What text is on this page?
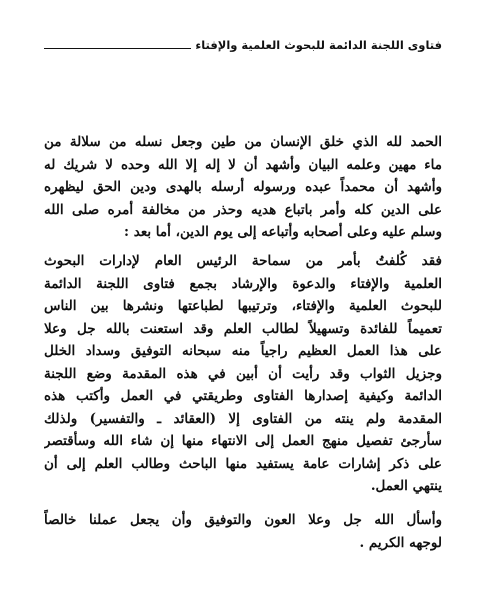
فتاوى اللجنة الدائمة للبحوث العلمية والإفتاء
الحمد لله الذي خلق الإنسان من طين وجعل نسله من سلالة من
ماء مهين وعلمه البيان وأشهد أن لا إله إلا الله وحده لا شريك له
وأشهد أن محمداً عبده ورسوله أرسله بالهدى ودين الحق ليظهره
على الدين كله وأمر باتباع هديه وحذر من مخالفة أمره صلى الله
وسلم عليه وعلى أصحابه وأتباعه إلى يوم الدين، أما بعد :
فقد كُلفتُ بأمر من سماحة الرئيس العام لإدارات البحوث
العلمية والإفتاء والدعوة والإرشاد بجمع فتاوى اللجنة الدائمة
للبحوث العلمية والإفتاء، وترتيبها لطباعتها ونشرها بين الناس
تعميماً للفائدة وتسهيلاً لطالب العلم وقد استعنت بالله جل وعلا
على هذا العمل العظيم راجياً منه سبحانه التوفيق وسداد الخلل
وجزيل الثواب وقد رأيت أن أبين في هذه المقدمة وضع اللجنة
الدائمة وكيفية إصدارها الفتاوى وطريقتي في العمل وأكتب هذه
المقدمة ولم ينته من الفتاوى إلا (العقائد ـ والتفسير) ولذلك
سأرجئ تفصيل منهج العمل إلى الانتهاء منها إن شاء الله وسأقتصر
على ذكر إشارات عامة يستفيد منها الباحث وطالب العلم إلى أن
ينتهي العمل.
وأسأل الله جل وعلا العون والتوفيق وأن يجعل عملنا خالصاً
لوجهه الكريم .
